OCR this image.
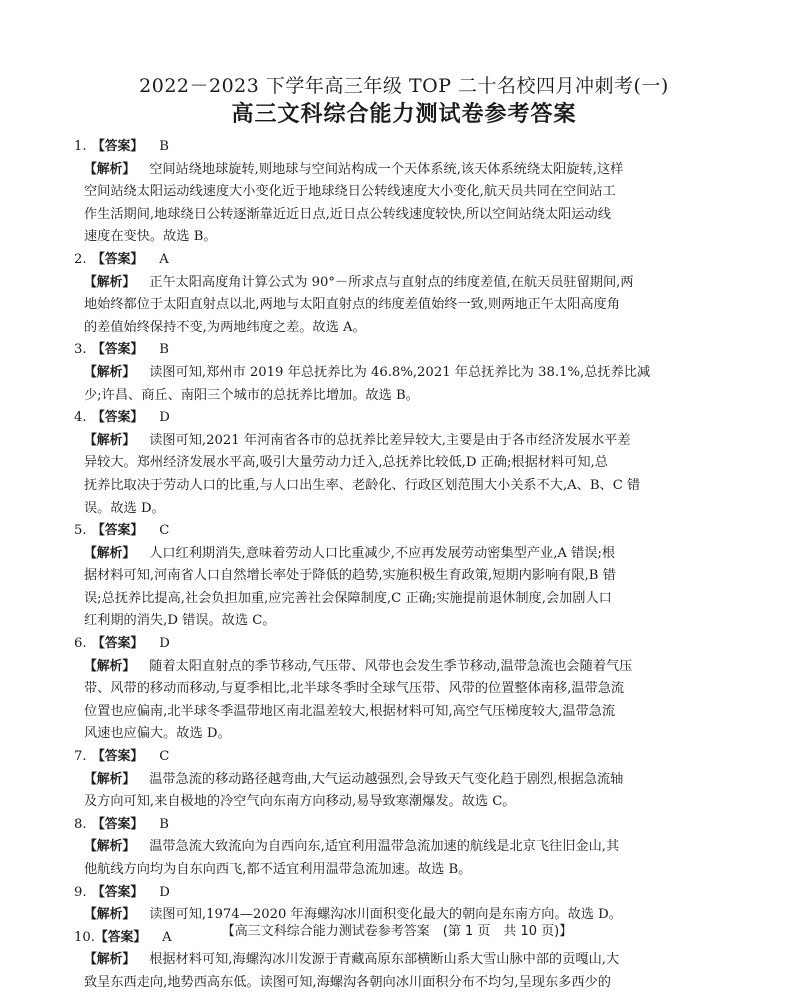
2022－2023 下学年高三年级 TOP 二十名校四月冲刺考(一)
高三文科综合能力测试卷参考答案

1. 【答案】 B

【解析】 空间站绕地球旋转,则地球与空间站构成一个天体系统,该天体系统绕太阳旋转,这样

空间站绕太阳运动线速度大小变化近于地球绕日公转线速度大小变化,航天员共同在空间站工

作生活期间,地球绕日公转逐渐靠近近日点,近日点公转线速度较快,所以空间站绕太阳运动线

速度在变快。故选 B。

2. 【答案】 A

【解析】 正午太阳高度角计算公式为 90°－所求点与直射点的纬度差值,在航天员驻留期间,两

地始终都位于太阳直射点以北,两地与太阳直射点的纬度差值始终一致,则两地正午太阳高度角

的差值始终保持不变,为两地纬度之差。故选 A。

3. 【答案】 B

【解析】 读图可知,郑州市 2019 年总抚养比为 46.8%,2021 年总抚养比为 38.1%,总抚养比减

少;许昌、商丘、南阳三个城市的总抚养比增加。故选 B。

4. 【答案】 D

【解析】 读图可知,2021 年河南省各市的总抚养比差异较大,主要是由于各市经济发展水平差

异较大。郑州经济发展水平高,吸引大量劳动力迁入,总抚养比较低,D 正确;根据材料可知,总

抚养比取决于劳动人口的比重,与人口出生率、老龄化、行政区划范围大小关系不大,A、B、C 错

误。故选 D。

5. 【答案】 C

【解析】 人口红利期消失,意味着劳动人口比重减少,不应再发展劳动密集型产业,A 错误;根

据材料可知,河南省人口自然增长率处于降低的趋势,实施积极生育政策,短期内影响有限,B 错

误;总抚养比提高,社会负担加重,应完善社会保障制度,C 正确;实施提前退休制度,会加剧人口

红利期的消失,D 错误。故选 C。

6. 【答案】 D

【解析】 随着太阳直射点的季节移动,气压带、风带也会发生季节移动,温带急流也会随着气压

带、风带的移动而移动,与夏季相比,北半球冬季时全球气压带、风带的位置整体南移,温带急流

位置也应偏南,北半球冬季温带地区南北温差较大,根据材料可知,高空气压梯度较大,温带急流

风速也应偏大。故选 D。

7. 【答案】 C

【解析】 温带急流的移动路径越弯曲,大气运动越强烈,会导致天气变化趋于剧烈,根据急流轴

及方向可知,来自极地的冷空气向东南方向移动,易导致寒潮爆发。故选 C。

8. 【答案】 B

【解析】 温带急流大致流向为自西向东,适宜利用温带急流加速的航线是北京飞往旧金山,其

他航线方向均为自东向西飞,都不适宜利用温带急流加速。故选 B。

9. 【答案】 D

【解析】 读图可知,1974—2020 年海螺沟冰川面积变化最大的朝向是东南方向。故选 D。

10.【答案】 A

【解析】 根据材料可知,海螺沟冰川发源于青藏高原东部横断山系大雪山脉中部的贡嘎山,大

致呈东西走向,地势西高东低。读图可知,海螺沟各朝向冰川面积分布不均匀,呈现东多西少的

【高三文科综合能力测试卷参考答案　(第 1 页　共 10 页)】
